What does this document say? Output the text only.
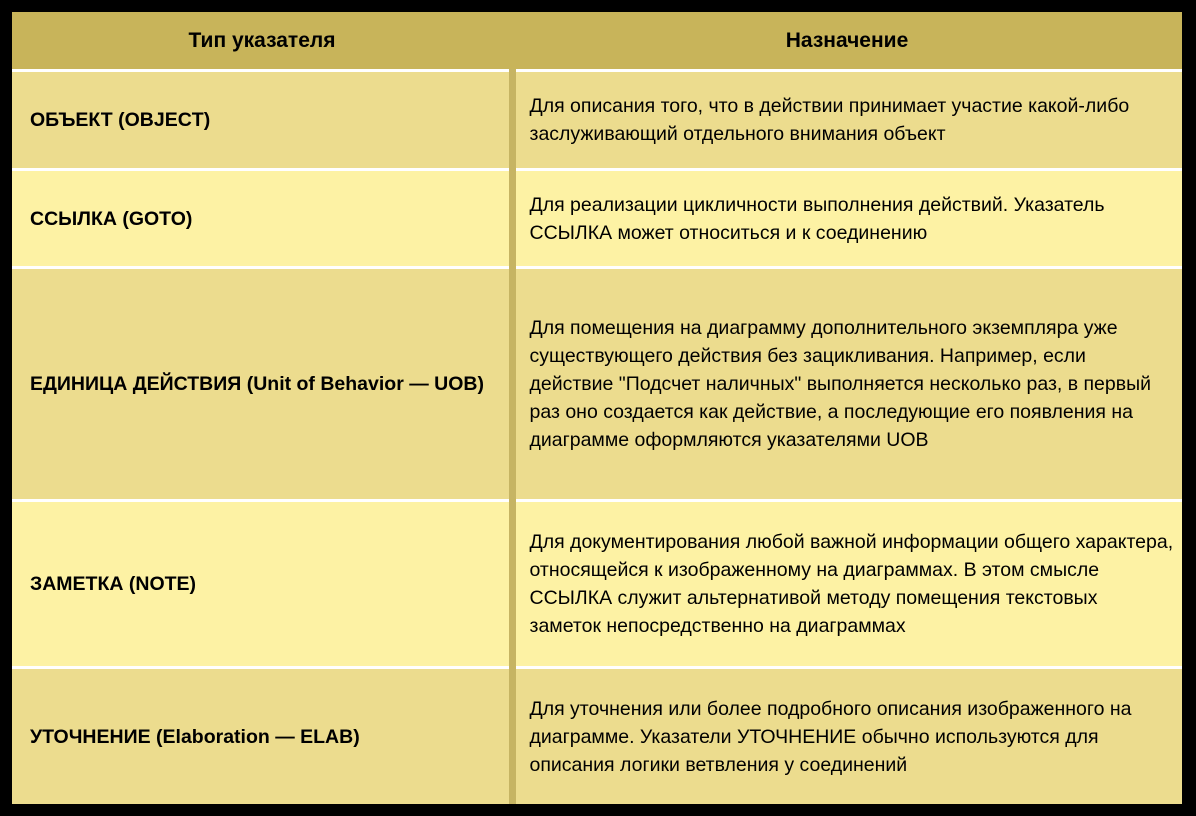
Тип указателя	Назначение
ОБЪЕКТ (OBJECT)	Для описания того, что в действии принимает участие какой-либо заслуживающий отдельного внимания объект
ССЫЛКА (GOTO)	Для реализации цикличности выполнения действий. Указатель ССЫЛКА может относиться и к соединению
ЕДИНИЦА ДЕЙСТВИЯ (Unit of Behavior — UOB)	Для помещения на диаграмму дополнительного экземпляра уже существующего действия без зацикливания. Например, если действие "Подсчет наличных" выполняется несколько раз, в первый раз оно создается как действие, а последующие его появления на диаграмме оформляются указателями UOB
ЗАМЕТКА (NOTE)	Для документирования любой важной информации общего характера, относящейся к изображенному на диаграммах. В этом смысле ССЫЛКА служит альтернативой методу помещения текстовых заметок непосредственно на диаграммах
УТОЧНЕНИЕ (Elaboration — ELAB)	Для уточнения или более подробного описания изображенного на диаграмме. Указатели УТОЧНЕНИЕ обычно используются для описания логики ветвления у соединений
